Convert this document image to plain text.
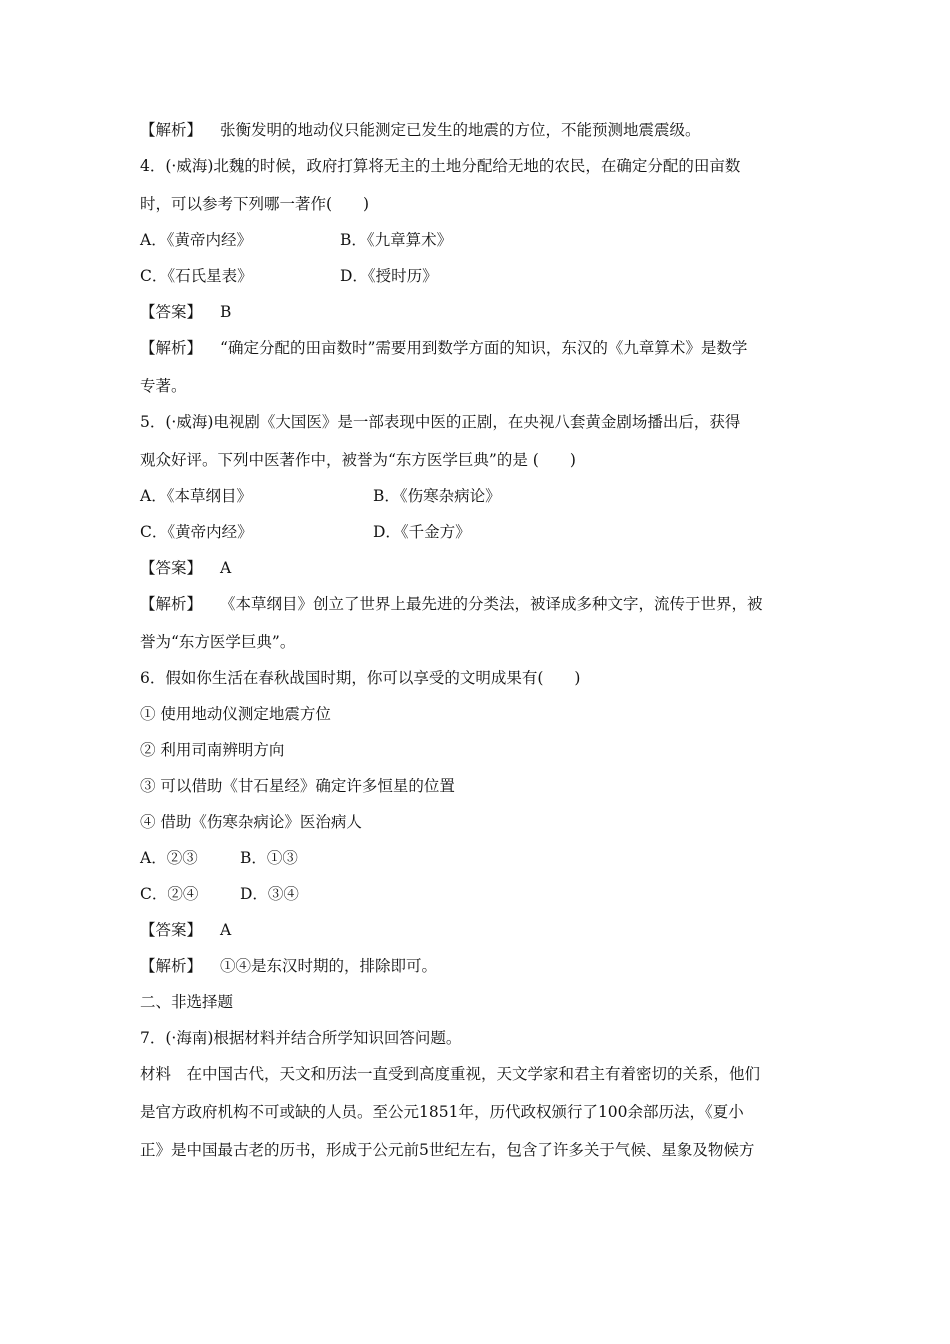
【解析】 张衡发明的地动仪只能测定已发生的地震的方位，不能预测地震震级。

4．(·威海)北魏的时候，政府打算将无主的土地分配给无地的农民，在确定分配的田亩数

时，可以参考下列哪一著作(　　)

A．《黄帝内经》	B．《九章算术》
C．《石氏星表》	D．《授时历》

【答案】 B

【解析】 “确定分配的田亩数时”需要用到数学方面的知识，东汉的《九章算术》是数学

专著。

5．(·威海)电视剧《大国医》是一部表现中医的正剧，在央视八套黄金剧场播出后，获得

观众好评。下列中医著作中，被誉为“东方医学巨典”的是 (　　)

A．《本草纲目》	B．《伤寒杂病论》
C．《黄帝内经》	D．《千金方》

【答案】 A

【解析】 《本草纲目》创立了世界上最先进的分类法，被译成多种文字，流传于世界，被

誉为“东方医学巨典”。

6．假如你生活在春秋战国时期，你可以享受的文明成果有(　　)

① 使用地动仪测定地震方位

② 利用司南辨明方向

③ 可以借助《甘石星经》确定许多恒星的位置

④ 借助《伤寒杂病论》医治病人

A．②③	B．①③
C．②④	D．③④

【答案】 A

【解析】 ①④是东汉时期的，排除即可。

二、非选择题

7．(·海南)根据材料并结合所学知识回答问题。

材料　在中国古代，天文和历法一直受到高度重视，天文学家和君主有着密切的关系，他们

是官方政府机构不可或缺的人员。至公元1851年，历代政权颁行了100余部历法，《夏小

正》是中国最古老的历书，形成于公元前5世纪左右，包含了许多关于气候、星象及物候方
